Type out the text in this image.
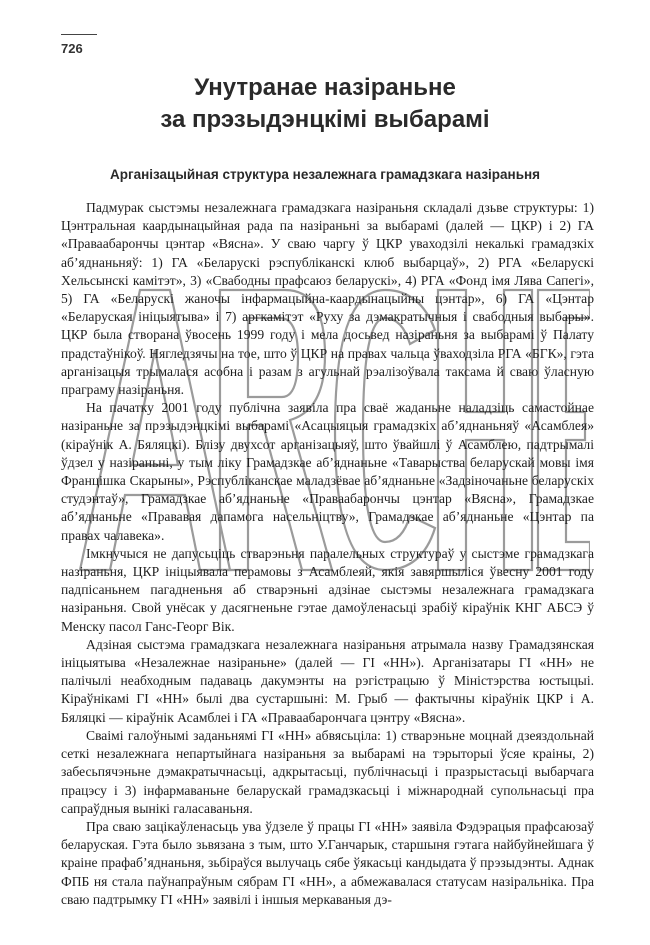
726
Унутранае назіраньне
за прэзыдэнцкімі выбарамі
Арганізацыйная структура незалежнага грамадзкага назіраньня

Падмурак сыстэмы незалежнага грамадзкага назіраньня складалі дзьве структуры: 1) Цэнтральная каардынацыйная рада па назіраньні за выбарамі (далей — ЦКР) і 2) ГА «Праваабарончы цэнтар «Вясна». У сваю чаргу ў ЦКР уваходзілі некалькі грамадзкіх аб’яднаньняў: 1) ГА «Беларускі рэспубліканскі клюб выбарцаў», 2) РГА «Беларускі Хельсынскі камітэт», 3) «Свабодны прафсаюз беларускі», 4) РГА «Фонд імя Лява Сапегі», 5) ГА «Беларускі жаночы інфармацыйна-каардынацыйны цэнтар», 6) ГА «Цэнтар «Беларуская ініцыятыва» і 7) аргкамітэт «Руху за дэмакратычныя і свабодныя выбары». ЦКР была створана ўвосень 1999 году і мела досьвед назіраньня за выбарамі ў Палату прадстаўнікоў. Нягледзячы на тое, што ў ЦКР на правах чальца ўваходзіла РГА «БГК», гэта арганізацыя трымалася асобна і разам з агульнай рэалізоўвала таксама й сваю ўласную праграму назіраньня.

На пачатку 2001 году публічна заявіла пра сваё жаданьне наладзіць самастойнае назіраньне за прэзыдэнцкімі выбарамі «Асацыяцыя грамадзкіх аб’яднаньняў «Асамблея» (кіраўнік А. Бяляцкі). Блізу двухсот арганізацыяў, што ўвайшлі ў Асамблею, падтрымалі ўдзел у назіраньні, у тым ліку Грамадзкае аб’яднаньне «Таварыства беларускай мовы імя Францішка Скарыны», Рэспубліканскае маладзёвае аб’яднаньне «Задзіночаньне беларускіх студэнтаў», Грамадзкае аб’яднаньне «Праваабарончы цэнтар «Вясна», Грамадзкае аб’яднаньне «Прававая дапамога насельніцтву», Грамадзкае аб’яднаньне «Цэнтар па правах чалавека».

Імкнучыся не дапусьціць стварэньня паралельных структураў у сыстэме грамадзкага назіраньня, ЦКР ініцыявала перамовы з Асамблеяй, якія завяршыліся ўвесну 2001 году падпісаньнем пагадненьня аб стварэньні адзінае сыстэмы незалежнага грамадзкага назіраньня. Свой унёсак у дасягненьне гэтае дамоўленасьці зрабіў кіраўнік КНГ АБСЭ ў Менску пасол Ганс-Георг Вік.

Адзіная сыстэма грамадзкага незалежнага назіраньня атрымала назву Грамадзянская ініцыятыва «Незалежнае назіраньне» (далей — ГІ «НН»). Арганізатары ГІ «НН» не палічылі неабходным падаваць дакумэнты на рэгістрацыю ў Міністэрства юстыцыі. Кіраўнікамі ГІ «НН» былі два сустаршыні: М. Грыб — фактычны кіраўнік ЦКР і А. Бяляцкі — кіраўнік Асамблеі і ГА «Праваабарончага цэнтру «Вясна».

Сваімі галоўнымі заданьнямі ГІ «НН» абвясьціла: 1) стварэньне моцнай дзеяздольнай сеткі незалежнага непартыйнага назіраньня за выбарамі на тэрыторыі ўсяе краіны, 2) забесьпячэньне дэмакратычнасьці, адкрытасьці, публічнасьці і празрыстасьці выбарчага працэсу і 3) інфармаваньне беларускай грамадзкасьці і міжнароднай супольнасьці пра сапраўдныя вынікі галасаваньня.

Пра сваю зацікаўленасьць ува ўдзеле ў працы ГІ «НН» заявіла Фэдэрацыя прафсаюзаў беларуская. Гэта было зьвязана з тым, што У.Ганчарык, старшыня гэтага найбуйнейшага ў краіне прафаб’яднаньня, зьбіраўся вылучаць сябе ўякасьці кандыдата ў прэзыдэнты. Аднак ФПБ ня стала паўнапраўным сябрам ГІ «НН», а абмежавалася статусам назіральніка. Пра сваю падтрымку ГІ «НН» заявілі і іншыя меркаваныя дэ-
